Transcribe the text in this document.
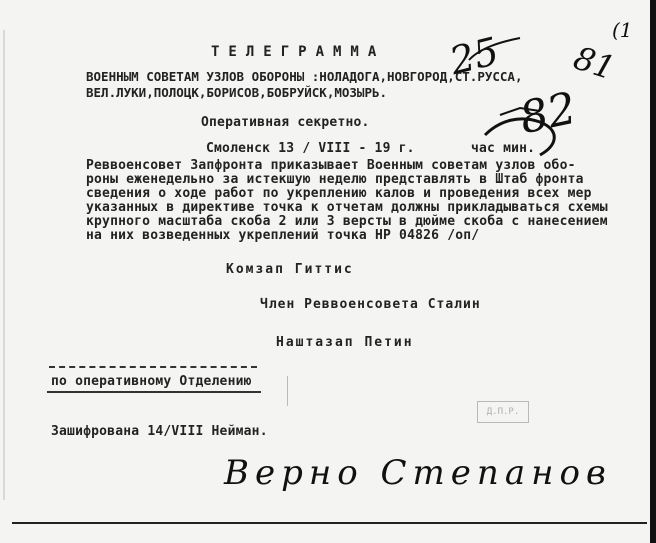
ТЕЛЕГРАММА
ВОЕННЫМ СОВЕТАМ УЗЛОВ ОБОРОНЫ :НОЛАДОГА,НОВГОРОД,СТ.РУССА,
ВЕЛ.ЛУКИ,ПОЛОЦК,БОРИСОВ,БОБРУЙСК,МОЗЫРЬ.
Оперативная секретно.
Смоленск 13 / VIII - 19 г.	час мин.
Реввоенсовет Запфронта приказывает Военным советам узлов обо-
роны еженедельно за истекшую неделю представлять в Штаб фронта
сведения о ходе работ по укреплению калов и проведения всех мер
указанных в директиве точка к отчетам должны прикладываться схемы
крупного масштаба скоба 2 или 3 версты в дюйме скоба с нанесением
на них возведенных укреплений точка НР 04826 /оп/
Комзап Гиттис
Член Реввоенсовета Сталин
Наштазап Петин
по оперативному Отделению
Д.П.Р.
Зашифрована 14/VIII Нейман.
Верно Степанов
(1
81
82
25
